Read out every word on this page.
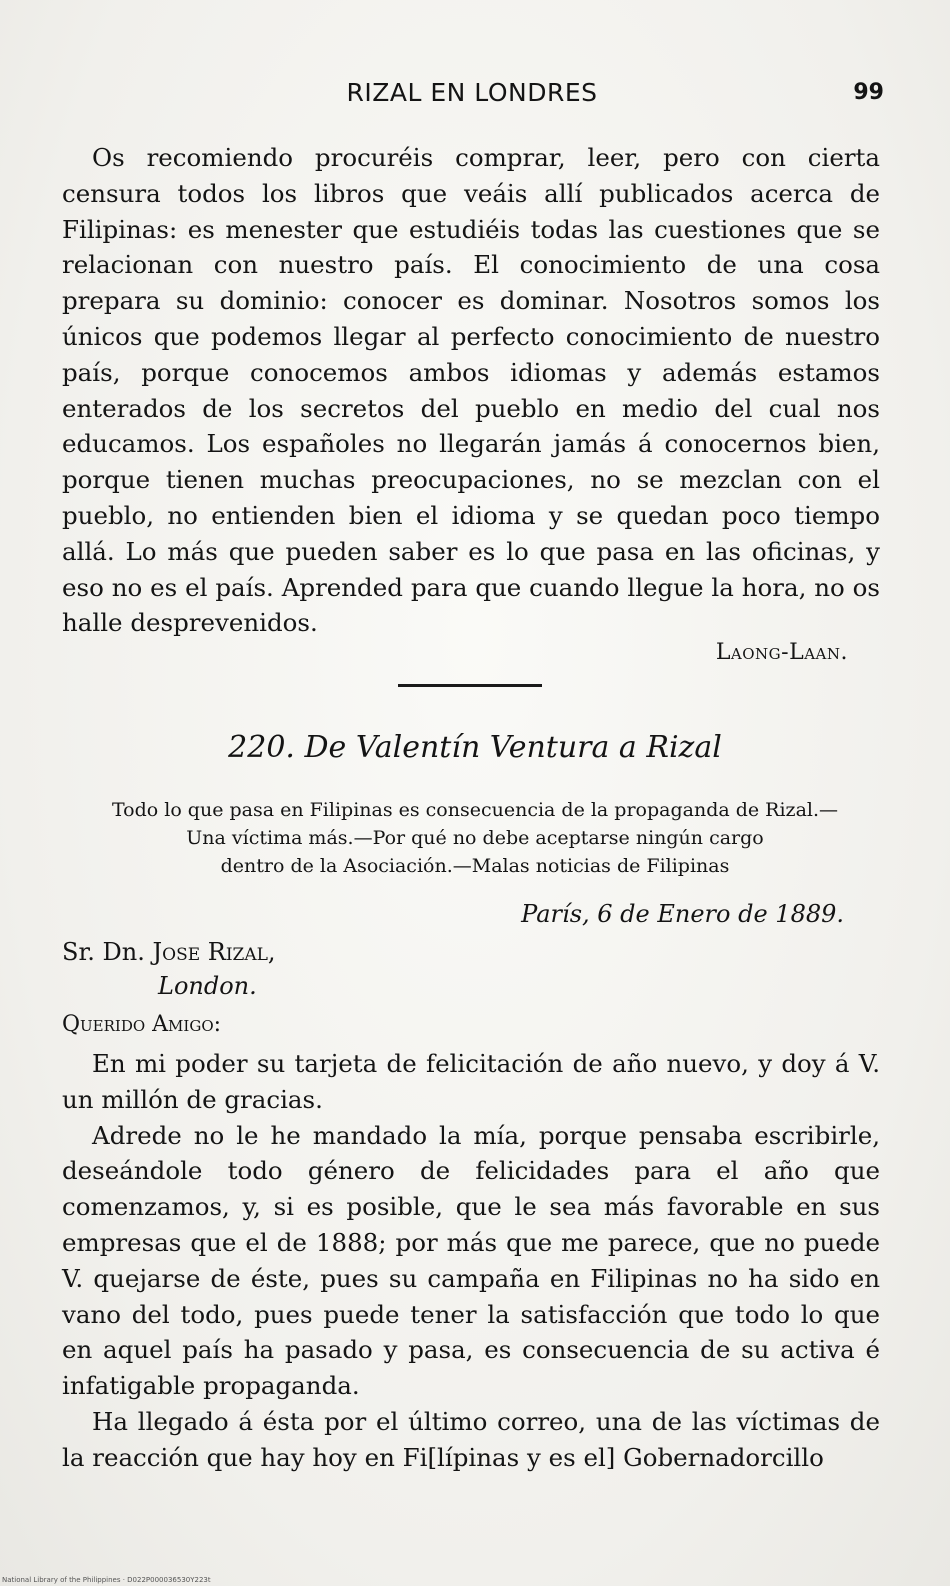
RIZAL EN LONDRES	99

Os recomiendo procuréis comprar, leer, pero con cierta censura todos los libros que veáis allí publicados acerca de Filipinas: es menester que estudiéis todas las cuestiones que se relacionan con nuestro país. El conocimiento de una cosa prepara su dominio: conocer es dominar. Nosotros somos los únicos que podemos llegar al perfecto conocimiento de nuestro país, porque conocemos ambos idiomas y además estamos enterados de los secretos del pueblo en medio del cual nos educamos. Los españoles no llegarán jamás á conocernos bien, porque tienen muchas preocupaciones, no se mezclan con el pueblo, no entienden bien el idioma y se quedan poco tiempo allá. Lo más que pueden saber es lo que pasa en las oficinas, y eso no es el país. Aprended para que cuando llegue la hora, no os halle desprevenidos.

Laong-Laan.
220. De Valentín Ventura a Rizal
Todo lo que pasa en Filipinas es consecuencia de la propaganda de Rizal.—
Una víctima más.—Por qué no debe aceptarse ningún cargo
dentro de la Asociación.—Malas noticias de Filipinas
París, 6 de Enero de 1889.
Sr. Dn. Jose Rizal,
London.
Querido Amigo:

En mi poder su tarjeta de felicitación de año nuevo, y doy á V. un millón de gracias.

Adrede no le he mandado la mía, porque pensaba escribirle, deseándole todo género de felicidades para el año que comenzamos, y, si es posible, que le sea más favorable en sus empresas que el de 1888; por más que me parece, que no puede V. quejarse de éste, pues su campaña en Filipinas no ha sido en vano del todo, pues puede tener la satisfacción que todo lo que en aquel país ha pasado y pasa, es consecuencia de su activa é infatigable propaganda.

Ha llegado á ésta por el último correo, una de las víctimas de la reacción que hay hoy en Fi[lípinas y es el] Gobernadorcillo

National Library of the Philippines · D022P000036530Y223t
